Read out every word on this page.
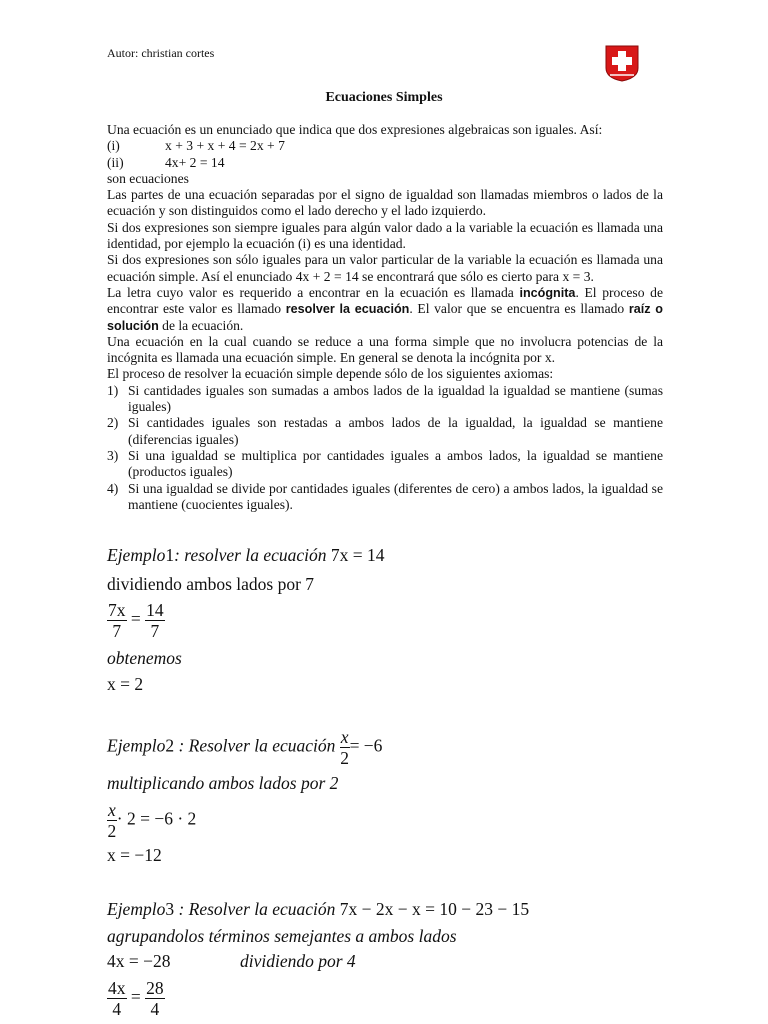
Autor: christian cortes
Ecuaciones Simples

Una ecuación es un enunciado que indica que dos expresiones algebraicas son iguales. Así:

(i)	x + 3 + x + 4 = 2x + 7
(ii)	4x+ 2 = 14

son ecuaciones

Las partes de una ecuación separadas por el signo de igualdad son llamadas miembros o lados de la ecuación y son distinguidos como el lado derecho y el lado izquierdo.

Si dos expresiones son siempre iguales para algún valor dado a la variable la ecuación es llamada una identidad, por ejemplo la ecuación (i) es una identidad.

Si dos expresiones son sólo iguales para un valor particular de la variable la ecuación es llamada una ecuación simple. Así el enunciado 4x + 2 = 14 se encontrará que sólo es cierto para x = 3.

La letra cuyo valor es requerido a encontrar en la ecuación es llamada incógnita. El proceso de encontrar este valor es llamado resolver la ecuación. El valor que se encuentra es llamado raíz o solución de la ecuación.

Una ecuación en la cual cuando se reduce a una forma simple que no involucra potencias de la incógnita es llamada una ecuación simple. En general se denota la incógnita por x.

El proceso de resolver la ecuación simple depende sólo de los siguientes axiomas:

1) Si cantidades iguales son sumadas a ambos lados de la igualdad la igualdad se mantiene (sumas iguales)
2) Si cantidades iguales son restadas a ambos lados de la igualdad, la igualdad se mantiene (diferencias iguales)
3) Si una igualdad se multiplica por cantidades iguales a ambos lados, la igualdad se mantiene (productos iguales)
4) Si una igualdad se divide por cantidades iguales (diferentes de cero) a ambos lados, la igualdad se mantiene (cuocientes iguales).
Ejemplo1: resolver la ecuación 7x = 14
dividiendo ambos lados por 7
$\frac{7x}{7} = \frac{14}{7}$
obtenemos
x = 2
Ejemplo2 : Resolver la ecuación $\frac{x}{2} = -6$
multiplicando ambos lados por 2
$\frac{x}{2} \cdot 2 = -6 \cdot 2$
x = −12
Ejemplo3 : Resolver la ecuación 7x − 2x − x = 10 − 23 − 15
agrupandolos términos semejantes a ambos lados
4x = −28	dividiendo por 4
$\frac{4x}{4} = \frac{28}{4}$
